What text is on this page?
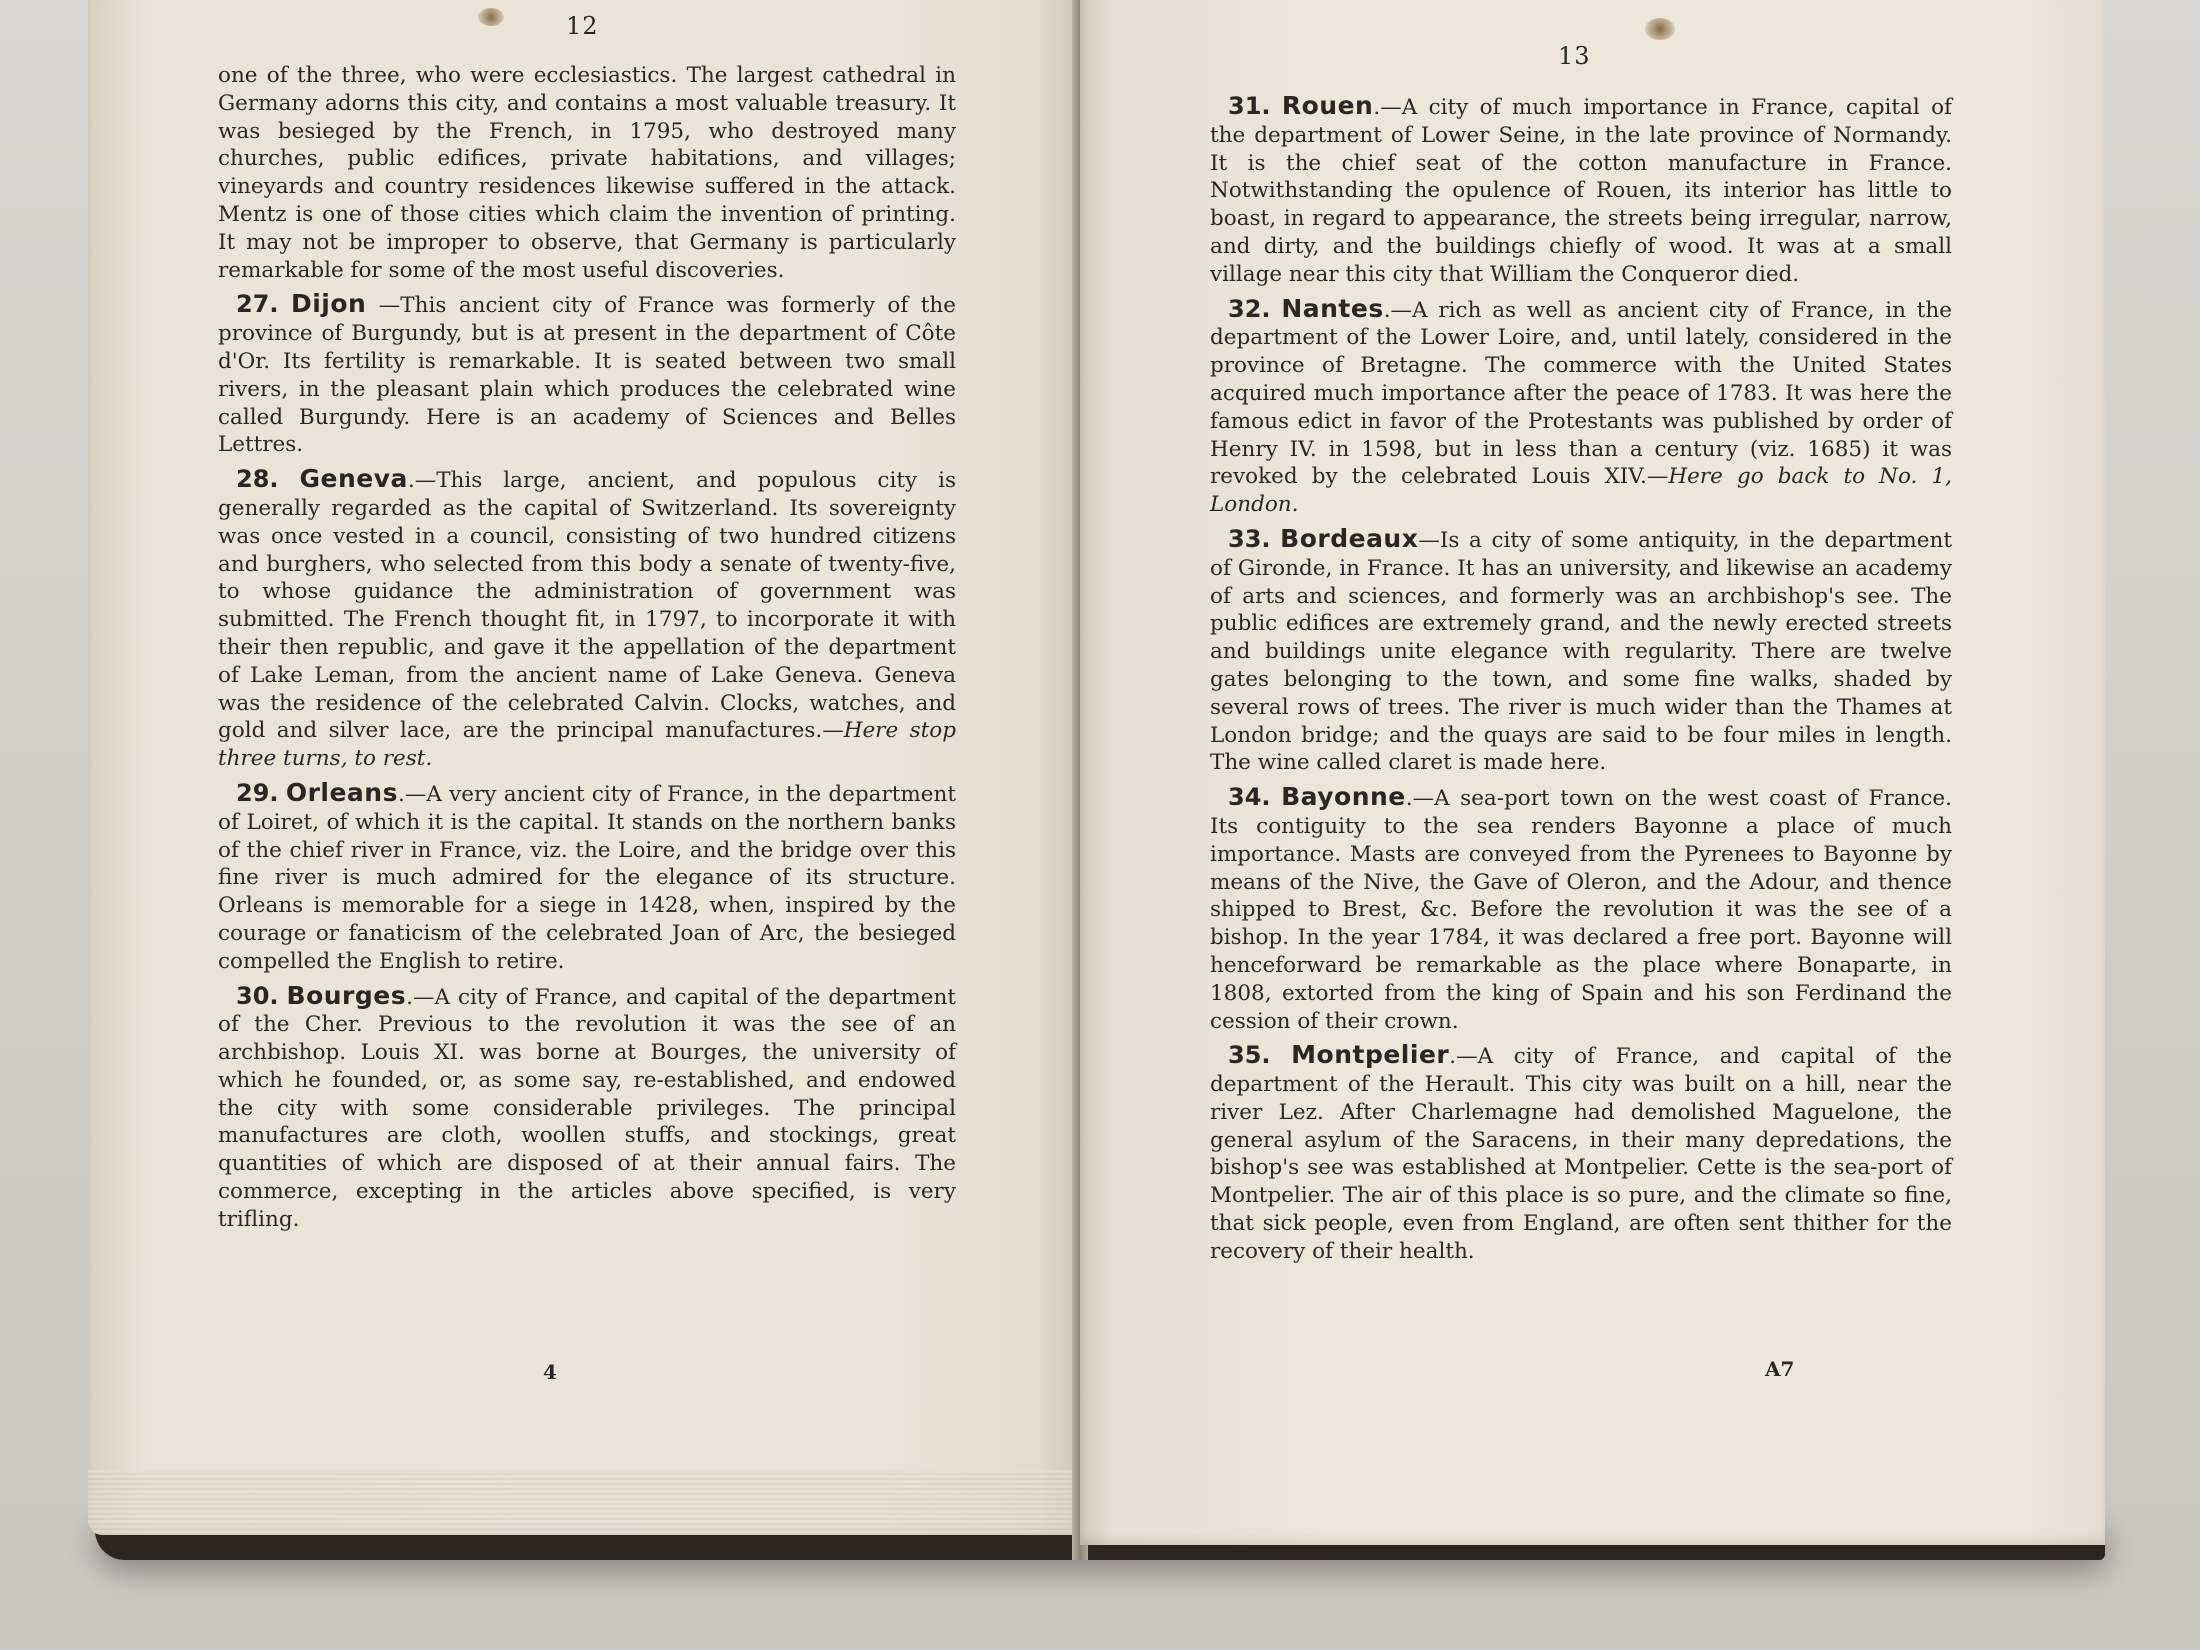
12

one of the three, who were ecclesiastics. The largest cathedral in Germany adorns this city, and contains a most valuable treasury. It was besieged by the French, in 1795, who destroyed many churches, public edifices, private habitations, and villages; vineyards and country residences likewise suffered in the attack. Mentz is one of those cities which claim the invention of printing. It may not be improper to observe, that Germany is particularly remarkable for some of the most useful discoveries.

27. Dijon —This ancient city of France was formerly of the province of Burgundy, but is at present in the department of Côte d'Or. Its fertility is remarkable. It is seated between two small rivers, in the pleasant plain which produces the celebrated wine called Burgundy. Here is an academy of Sciences and Belles Lettres.

28. Geneva.—This large, ancient, and populous city is generally regarded as the capital of Switzerland. Its sovereignty was once vested in a council, consisting of two hundred citizens and burghers, who selected from this body a senate of twenty-five, to whose guidance the administration of government was submitted. The French thought fit, in 1797, to incorporate it with their then republic, and gave it the appellation of the department of Lake Leman, from the ancient name of Lake Geneva. Geneva was the residence of the celebrated Calvin. Clocks, watches, and gold and silver lace, are the principal manufactures.—Here stop three turns, to rest.

29. Orleans.—A very ancient city of France, in the department of Loiret, of which it is the capital. It stands on the northern banks of the chief river in France, viz. the Loire, and the bridge over this fine river is much admired for the elegance of its structure. Orleans is memorable for a siege in 1428, when, inspired by the courage or fanaticism of the celebrated Joan of Arc, the besieged compelled the English to retire.

30. Bourges.—A city of France, and capital of the department of the Cher. Previous to the revolution it was the see of an archbishop. Louis XI. was borne at Bourges, the university of which he founded, or, as some say, re-established, and endowed the city with some considerable privileges. The principal manufactures are cloth, woollen stuffs, and stockings, great quantities of which are disposed of at their annual fairs. The commerce, excepting in the articles above specified, is very trifling.

4
13

31. Rouen.—A city of much importance in France, capital of the department of Lower Seine, in the late province of Normandy. It is the chief seat of the cotton manufacture in France. Notwithstanding the opulence of Rouen, its interior has little to boast, in regard to appearance, the streets being irregular, narrow, and dirty, and the buildings chiefly of wood. It was at a small village near this city that William the Conqueror died.

32. Nantes.—A rich as well as ancient city of France, in the department of the Lower Loire, and, until lately, considered in the province of Bretagne. The commerce with the United States acquired much importance after the peace of 1783. It was here the famous edict in favor of the Protestants was published by order of Henry IV. in 1598, but in less than a century (viz. 1685) it was revoked by the celebrated Louis XIV.—Here go back to No. 1, London.

33. Bordeaux—Is a city of some antiquity, in the department of Gironde, in France. It has an university, and likewise an academy of arts and sciences, and formerly was an archbishop's see. The public edifices are extremely grand, and the newly erected streets and buildings unite elegance with regularity. There are twelve gates belonging to the town, and some fine walks, shaded by several rows of trees. The river is much wider than the Thames at London bridge; and the quays are said to be four miles in length. The wine called claret is made here.

34. Bayonne.—A sea-port town on the west coast of France. Its contiguity to the sea renders Bayonne a place of much importance. Masts are conveyed from the Pyrenees to Bayonne by means of the Nive, the Gave of Oleron, and the Adour, and thence shipped to Brest, &c. Before the revolution it was the see of a bishop. In the year 1784, it was declared a free port. Bayonne will henceforward be remarkable as the place where Bonaparte, in 1808, extorted from the king of Spain and his son Ferdinand the cession of their crown.

35. Montpelier.—A city of France, and capital of the department of the Herault. This city was built on a hill, near the river Lez. After Charlemagne had demolished Maguelone, the general asylum of the Saracens, in their many depredations, the bishop's see was established at Montpelier. Cette is the sea-port of Montpelier. The air of this place is so pure, and the climate so fine, that sick people, even from England, are often sent thither for the recovery of their health.

A7
